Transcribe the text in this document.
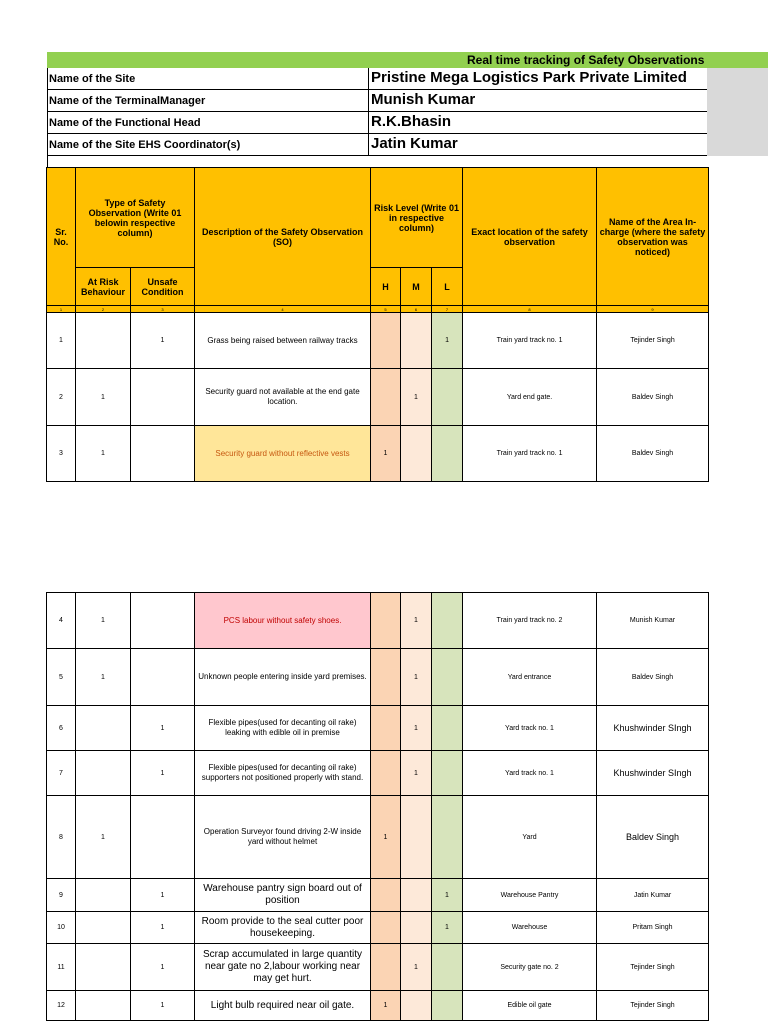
Real time tracking of Safety Observations
Name of the Site	Pristine Mega Logistics Park Private Limited
Name of the TerminalManager	Munish Kumar
Name of the Functional Head	R.K.Bhasin
Name of the Site EHS Coordinator(s)	Jatin Kumar
Sr. No.	Type of Safety Observation (Write 01 belowin respective column)		Description of the Safety Observation (SO)	Risk Level (Write 01 in respective column)			Exact location of the safety observation	Name of the Area In-charge (where the safety observation was noticed)
	At Risk Behaviour	Unsafe Condition		H	M	L		
1	2	3	4	5	6	7	8	9
1		1	Grass being raised between railway tracks			1	Train yard track no. 1	Tejinder Singh
2	1		Security guard not available at the end gate location.		1		Yard end gate.	Baldev Singh
3	1		Security guard without reflective vests	1			Train yard track no. 1	Baldev Singh
4	1		PCS labour without safety shoes.		1		Train yard track no. 2	Munish Kumar
5	1		Unknown people entering inside yard premises.		1		Yard entrance	Baldev Singh
6		1	Flexible pipes(used for decanting oil rake) leaking with edible oil in premise		1		Yard track no. 1	Khushwinder SIngh
7		1	Flexible pipes(used for decanting oil rake) supporters not positioned properly with stand.		1		Yard track no. 1	Khushwinder SIngh
8	1		Operation Surveyor found driving 2-W inside yard without helmet	1			Yard	Baldev Singh
9		1	Warehouse pantry sign board out of position			1	Warehouse Pantry	Jatin Kumar
10		1	Room provide to the seal cutter poor housekeeping.			1	Warehouse	Pritam Singh
11		1	Scrap accumulated in large quantity near gate no 2,labour working near may get hurt.		1		Security gate no. 2	Tejinder Singh
12		1	Light bulb required near oil gate.	1			Edible oil gate	Tejinder Singh
